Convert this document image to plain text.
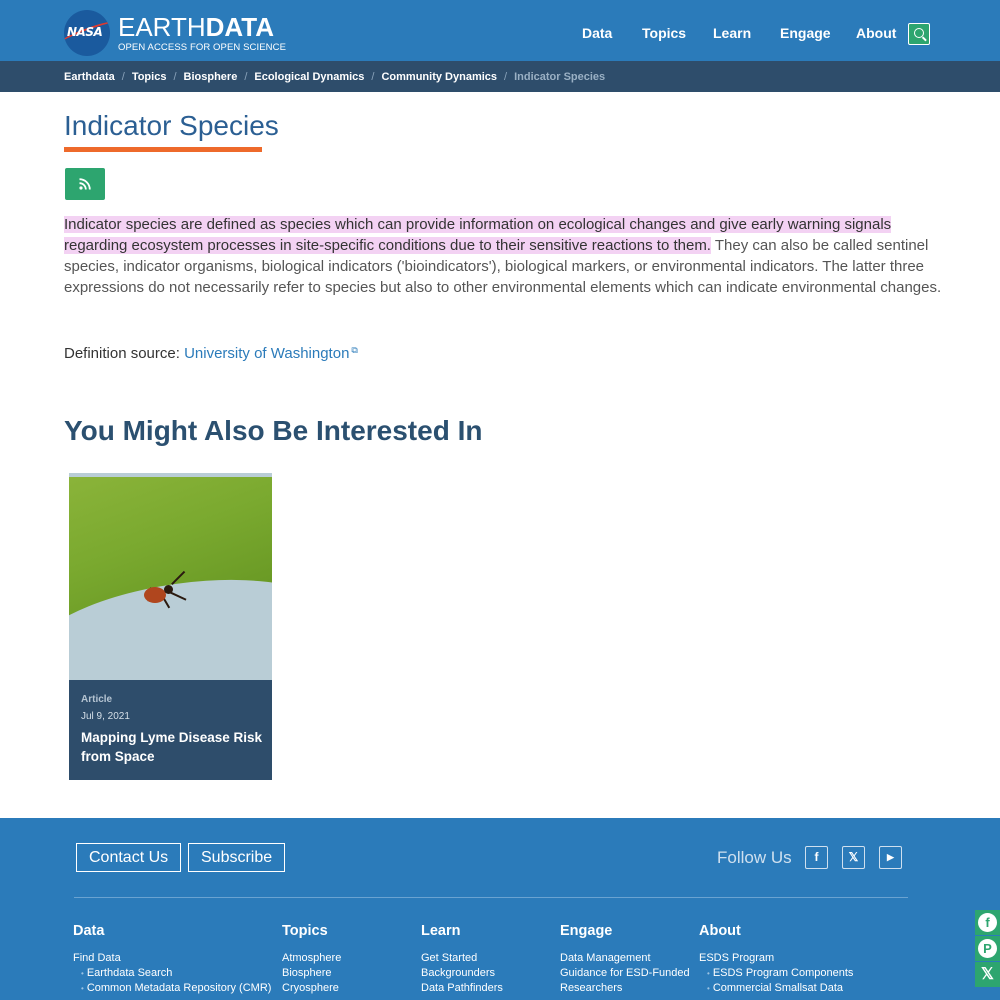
NASA EARTHDATA
OPEN ACCESS FOR OPEN SCIENCE
Data Topics Learn Engage About
Earthdata / Topics / Biosphere / Ecological Dynamics / Community Dynamics / Indicator Species
Indicator Species

Indicator species are defined as species which can provide information on ecological changes and give early warning signals regarding ecosystem processes in site-specific conditions due to their sensitive reactions to them. They can also be called sentinel species, indicator organisms, biological indicators ('bioindicators'), biological markers, or environmental indicators. The latter three expressions do not necessarily refer to species but also to other environmental elements which can indicate environmental changes.

Definition source: University of Washington ⧉
You Might Also Be Interested In
Article
Jul 9, 2021
Mapping Lyme Disease Risk from Space
Contact Us	Subscribe	Follow Us	f	𝕏	▶
Data
Find Data
• Earthdata Search
• Common Metadata Repository (CMR)
Topics
Atmosphere
Biosphere
Cryosphere
Learn
Get Started
Backgrounders
Data Pathfinders
Engage
Data Management
Guidance for ESD-Funded
Researchers
About
ESDS Program
• ESDS Program Components
• Commercial Smallsat Data
f
P
𝕏
